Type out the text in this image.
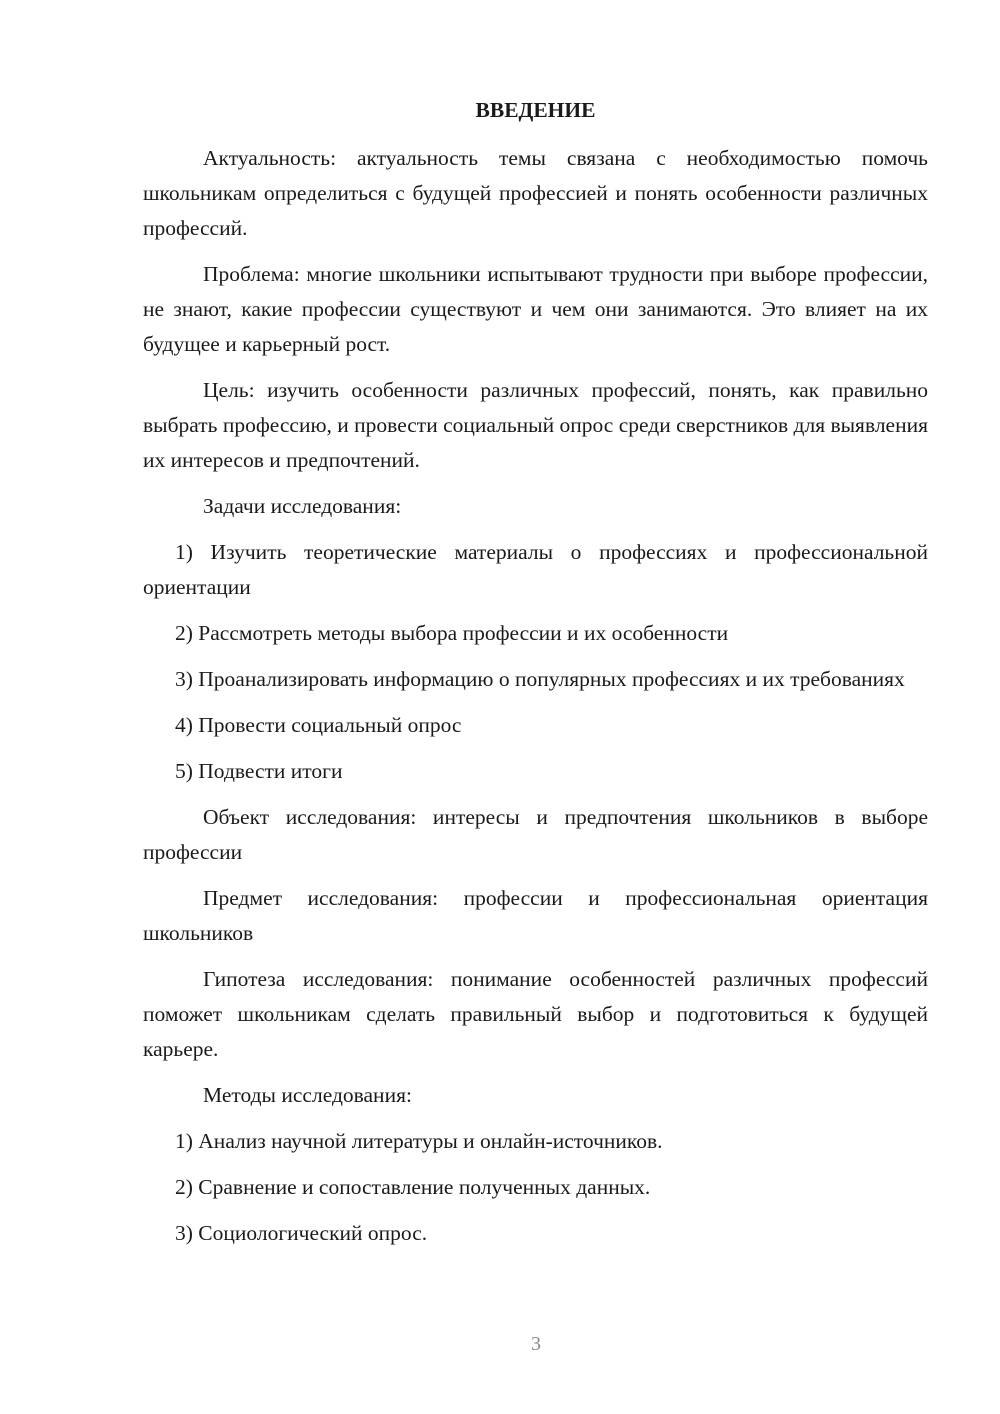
ВВЕДЕНИЕ

Актуальность: актуальность темы связана с необходимостью помочь школьникам определиться с будущей профессией и понять особенности различных профессий.

Проблема: многие школьники испытывают трудности при выборе профессии, не знают, какие профессии существуют и чем они занимаются. Это влияет на их будущее и карьерный рост.

Цель: изучить особенности различных профессий, понять, как правильно выбрать профессию, и провести социальный опрос среди сверстников для выявления их интересов и предпочтений.

Задачи исследования:

1) Изучить теоретические материалы о профессиях и профессиональной ориентации

2) Рассмотреть методы выбора профессии и их особенности

3) Проанализировать информацию о популярных профессиях и их требованиях

4) Провести социальный опрос

5) Подвести итоги

Объект исследования: интересы и предпочтения школьников в выборе профессии

Предмет исследования: профессии и профессиональная ориентация школьников

Гипотеза исследования: понимание особенностей различных профессий поможет школьникам сделать правильный выбор и подготовиться к будущей карьере.

Методы исследования:

1) Анализ научной литературы и онлайн-источников.

2) Сравнение и сопоставление полученных данных.

3) Социологический опрос.

3
